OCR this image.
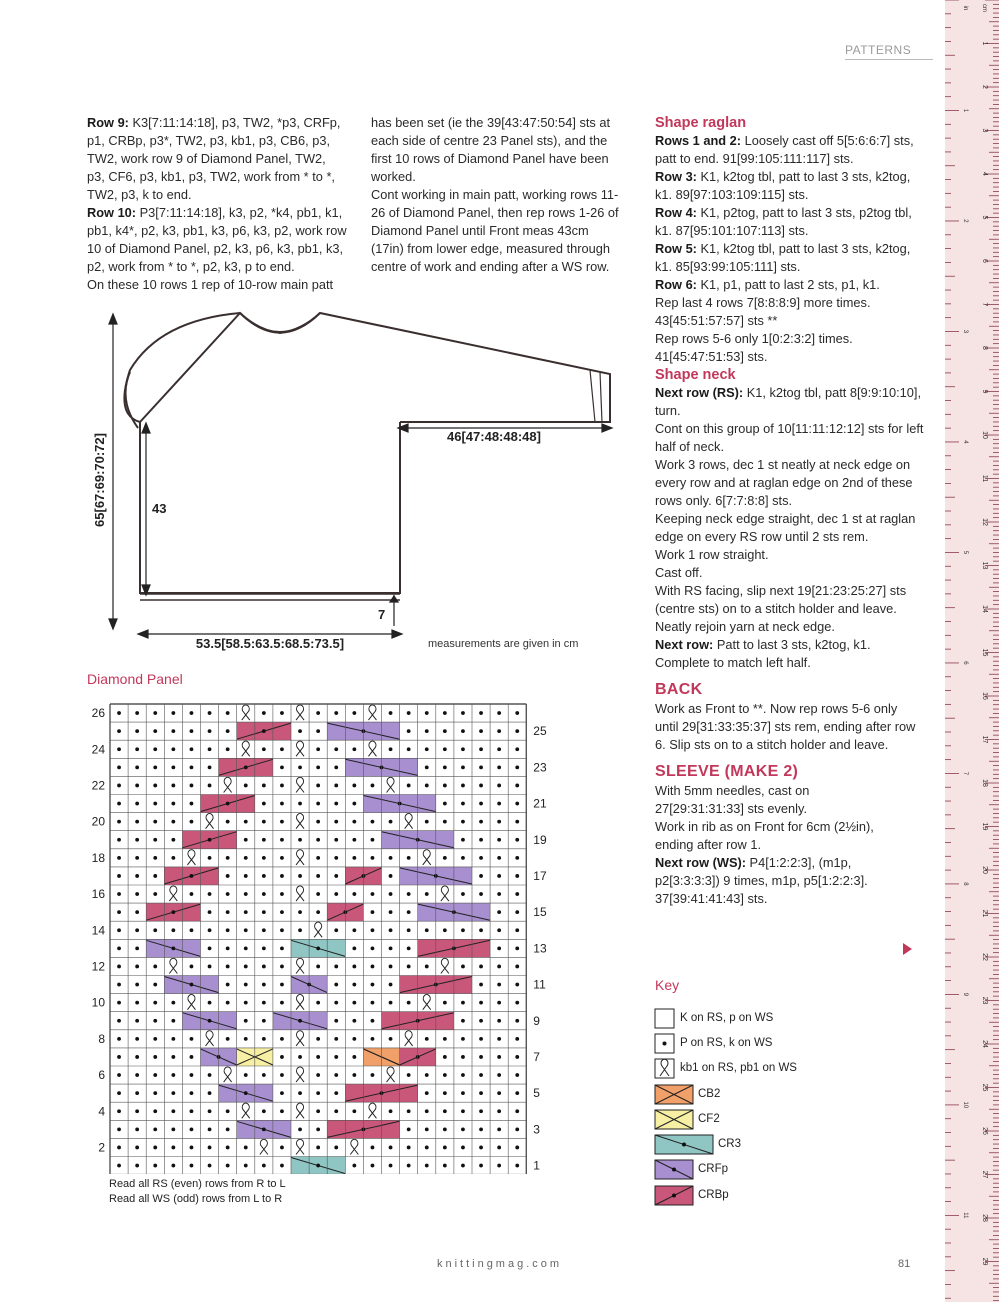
PATTERNS

Row 9: K3[7:11:14:18], p3, TW2, *p3, CRFp, p1, CRBp, p3*, TW2, p3, kb1, p3, CB6, p3, TW2, work row 9 of Diamond Panel, TW2, p3, CF6, p3, kb1, p3, TW2, work from * to *, TW2, p3, k to end.

Row 10: P3[7:11:14:18], k3, p2, *k4, pb1, k1, pb1, k4*, p2, k3, pb1, k3, p6, k3, p2, work row 10 of Diamond Panel, p2, k3, p6, k3, pb1, k3, p2, work from * to *, p2, k3, p to end.

On these 10 rows 1 rep of 10-row main patt

has been set (ie the 39[43:47:50:54] sts at each side of centre 23 Panel sts), and the first 10 rows of Diamond Panel have been worked.

Cont working in main patt, working rows 11-26 of Diamond Panel, then rep rows 1-26 of Diamond Panel until Front meas 43cm (17in) from lower edge, measured through centre of work and ending after a WS row.

65[67:69:70:72]	43
7
53.5[58.5:63.5:68.5:73.5]
46[47:48:48:48]
measurements are given in cm

Shape raglan

Rows 1 and 2: Loosely cast off 5[5:6:6:7] sts, patt to end. 91[99:105:111:117] sts.

Row 3: K1, k2tog tbl, patt to last 3 sts, k2tog, k1. 89[97:103:109:115] sts.

Row 4: K1, p2tog, patt to last 3 sts, p2tog tbl, k1. 87[95:101:107:113] sts.

Row 5: K1, k2tog tbl, patt to last 3 sts, k2tog, k1. 85[93:99:105:111] sts.

Row 6: K1, p1, patt to last 2 sts, p1, k1.

Rep last 4 rows 7[8:8:8:9] more times. 43[45:51:57:57] sts **

Rep rows 5-6 only 1[0:2:3:2] times. 41[45:47:51:53] sts.

Shape neck

Next row (RS): K1, k2tog tbl, patt 8[9:9:10:10], turn.

Cont on this group of 10[11:11:12:12] sts for left half of neck.

Work 3 rows, dec 1 st neatly at neck edge on every row and at raglan edge on 2nd of these rows only. 6[7:7:8:8] sts.

Keeping neck edge straight, dec 1 st at raglan edge on every RS row until 2 sts rem.

Work 1 row straight.

Cast off.

With RS facing, slip next 19[21:23:25:27] sts (centre sts) on to a stitch holder and leave.

Neatly rejoin yarn at neck edge.

Next row: Patt to last 3 sts, k2tog, k1.

Complete to match left half.

BACK

Work as Front to **. Now rep rows 5-6 only until 29[31:33:35:37] sts rem, ending after row 6. Slip sts on to a stitch holder and leave.

SLEEVE (MAKE 2)

With 5mm needles, cast on 27[29:31:31:33] sts evenly.

Work in rib as on Front for 6cm (2½in), ending after row 1.

Next row (WS): P4[1:2:2:3], (m1p, p2[3:3:3:3]) 9 times, m1p, p5[1:2:2:3]. 37[39:41:41:43] sts.

Diamond Panel
26
24
22
20
18
16
14
12
10
8
6
4
2
25
23
21
19
17
15
13
11
9
7
5
3
1
Read all RS (even) rows from R to L
Read all WS (odd) rows from L to R
Key
K on RS, p on WS
P on RS, k on WS
kb1 on RS, pb1 on WS
CB2
CF2
CR3
CRFp
CRBp
knittingmag.com	81
1
2
3
4
5
6
7
8
9
10
11
12
13
14
15
16
17
18
19
20
21
22
23
24
25
26
27
28
29
1
2
3
4
5
6
7
8
9
10
11
cm
in
